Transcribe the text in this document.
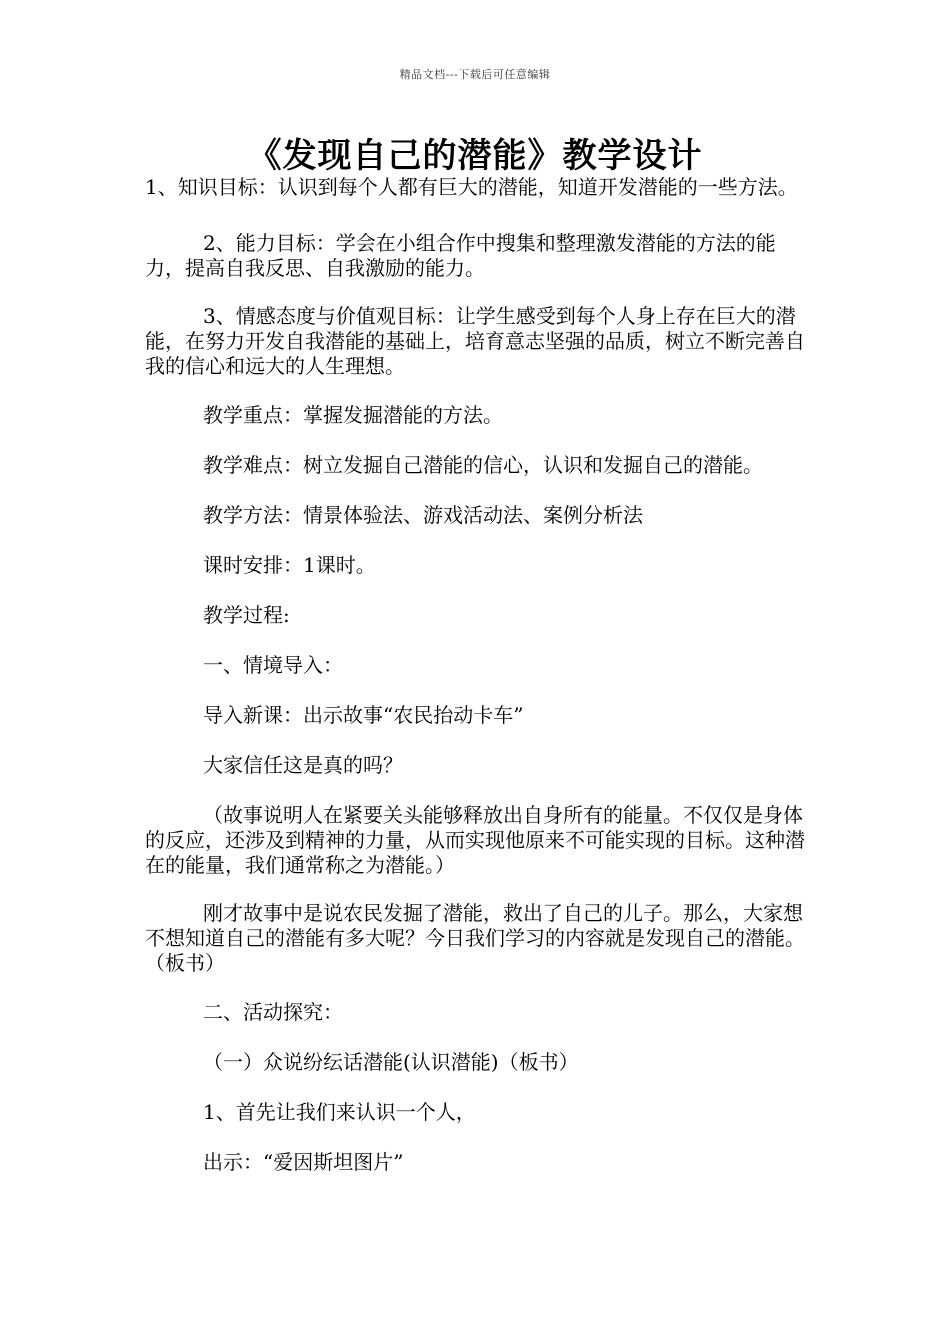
精品文档---下载后可任意编辑
《发现自己的潜能》教学设计

1、知识目标：认识到每个人都有巨大的潜能，知道开发潜能的一些方法。

2、能力目标：学会在小组合作中搜集和整理激发潜能的方法的能力，提高自我反思、自我激励的能力。

3、情感态度与价值观目标：让学生感受到每个人身上存在巨大的潜能，在努力开发自我潜能的基础上，培育意志坚强的品质，树立不断完善自我的信心和远大的人生理想。

教学重点：掌握发掘潜能的方法。

教学难点：树立发掘自己潜能的信心，认识和发掘自己的潜能。

教学方法：情景体验法、游戏活动法、案例分析法

课时安排：1课时。

教学过程:

一、情境导入：

导入新课：出示故事“农民抬动卡车”

大家信任这是真的吗？

（故事说明人在紧要关头能够释放出自身所有的能量。不仅仅是身体的反应，还涉及到精神的力量，从而实现他原来不可能实现的目标。这种潜在的能量，我们通常称之为潜能。）

刚才故事中是说农民发掘了潜能，救出了自己的儿子。那么，大家想不想知道自己的潜能有多大呢？今日我们学习的内容就是发现自己的潜能。（板书）

二、活动探究：

（一）众说纷纭话潜能(认识潜能)（板书）

1、首先让我们来认识一个人，

出示：“爱因斯坦图片”
